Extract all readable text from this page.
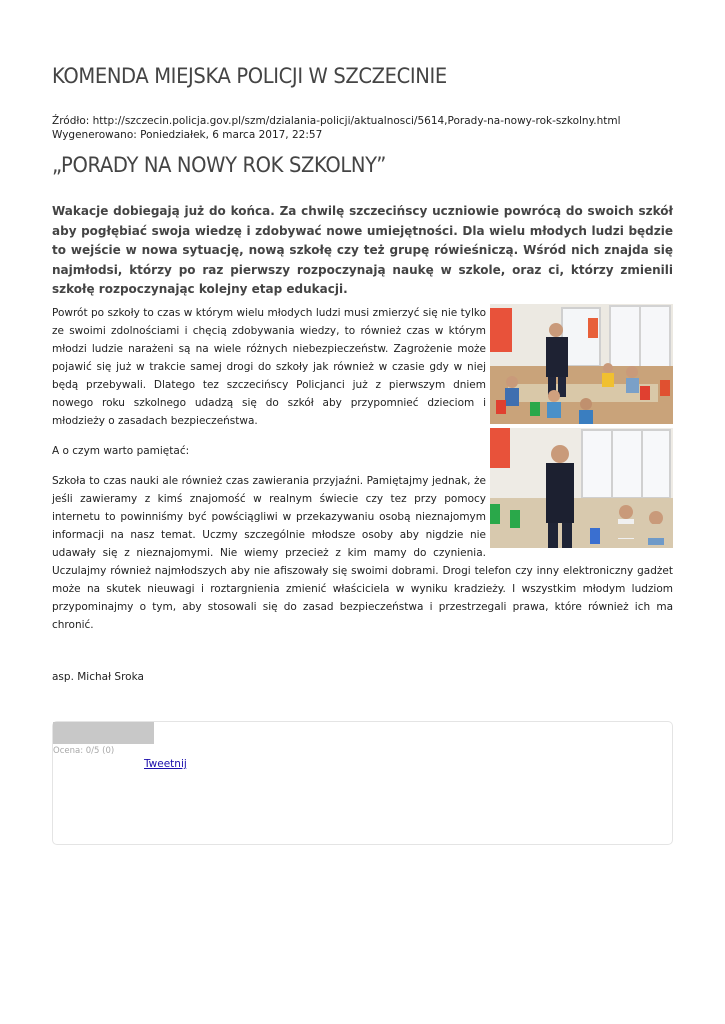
KOMENDA MIEJSKA POLICJI W SZCZECINIE
Źródło: http://szczecin.policja.gov.pl/szm/dzialania-policji/aktualnosci/5614,Porady-na-nowy-rok-szkolny.html
Wygenerowano: Poniedziałek, 6 marca 2017, 22:57
„PORADY NA NOWY ROK SZKOLNY”

Wakacje dobiegają już do końca. Za chwilę szczecińscy uczniowie powrócą do swoich szkół aby pogłębiać swoja wiedzę i zdobywać nowe umiejętności. Dla wielu młodych ludzi będzie to wejście w nowa sytuację, nową szkołę czy też grupę rówieśniczą. Wśród nich znajda się najmłodsi, którzy po raz pierwszy rozpoczynają naukę w szkole, oraz ci, którzy zmienili szkołę rozpoczynając kolejny etap edukacji.

Powrót po szkoły to czas w którym wielu młodych ludzi musi zmierzyć się nie tylko ze swoimi zdolnościami i chęcią zdobywania wiedzy, to również czas w którym młodzi ludzie narażeni są na wiele różnych niebezpieczeństw. Zagrożenie może pojawić się już w trakcie samej drogi do szkoły jak również w czasie gdy w niej będą przebywali. Dlatego tez szczecińscy Policjanci już z pierwszym dniem nowego roku szkolnego udadzą się do szkół aby przypomnieć dzieciom i młodzieży o zasadach bezpieczeństwa.

A o czym warto pamiętać:

Szkoła to czas nauki ale również czas zawierania przyjaźni. Pamiętajmy jednak, że jeśli zawieramy z kimś znajomość w realnym świecie czy tez przy pomocy internetu to powinniśmy być powściągliwi w przekazywaniu osobą nieznajomym informacji na nasz temat. Uczmy szczególnie młodsze osoby aby nigdzie nie udawały się z nieznajomymi. Nie wiemy przecież z kim mamy do czynienia. Uczulajmy również najmłodszych aby nie afiszowały się swoimi dobrami. Drogi telefon czy inny elektroniczny gadżet może na skutek nieuwagi i roztargnienia zmienić właściciela w wyniku kradzieży. I wszystkim młodym ludziom przypominajmy o tym, aby stosowali się do zasad bezpieczeństwa i przestrzegali prawa, które również ich ma chronić.

asp. Michał Sroka
Ocena: 0/5 (0)
Tweetnij
